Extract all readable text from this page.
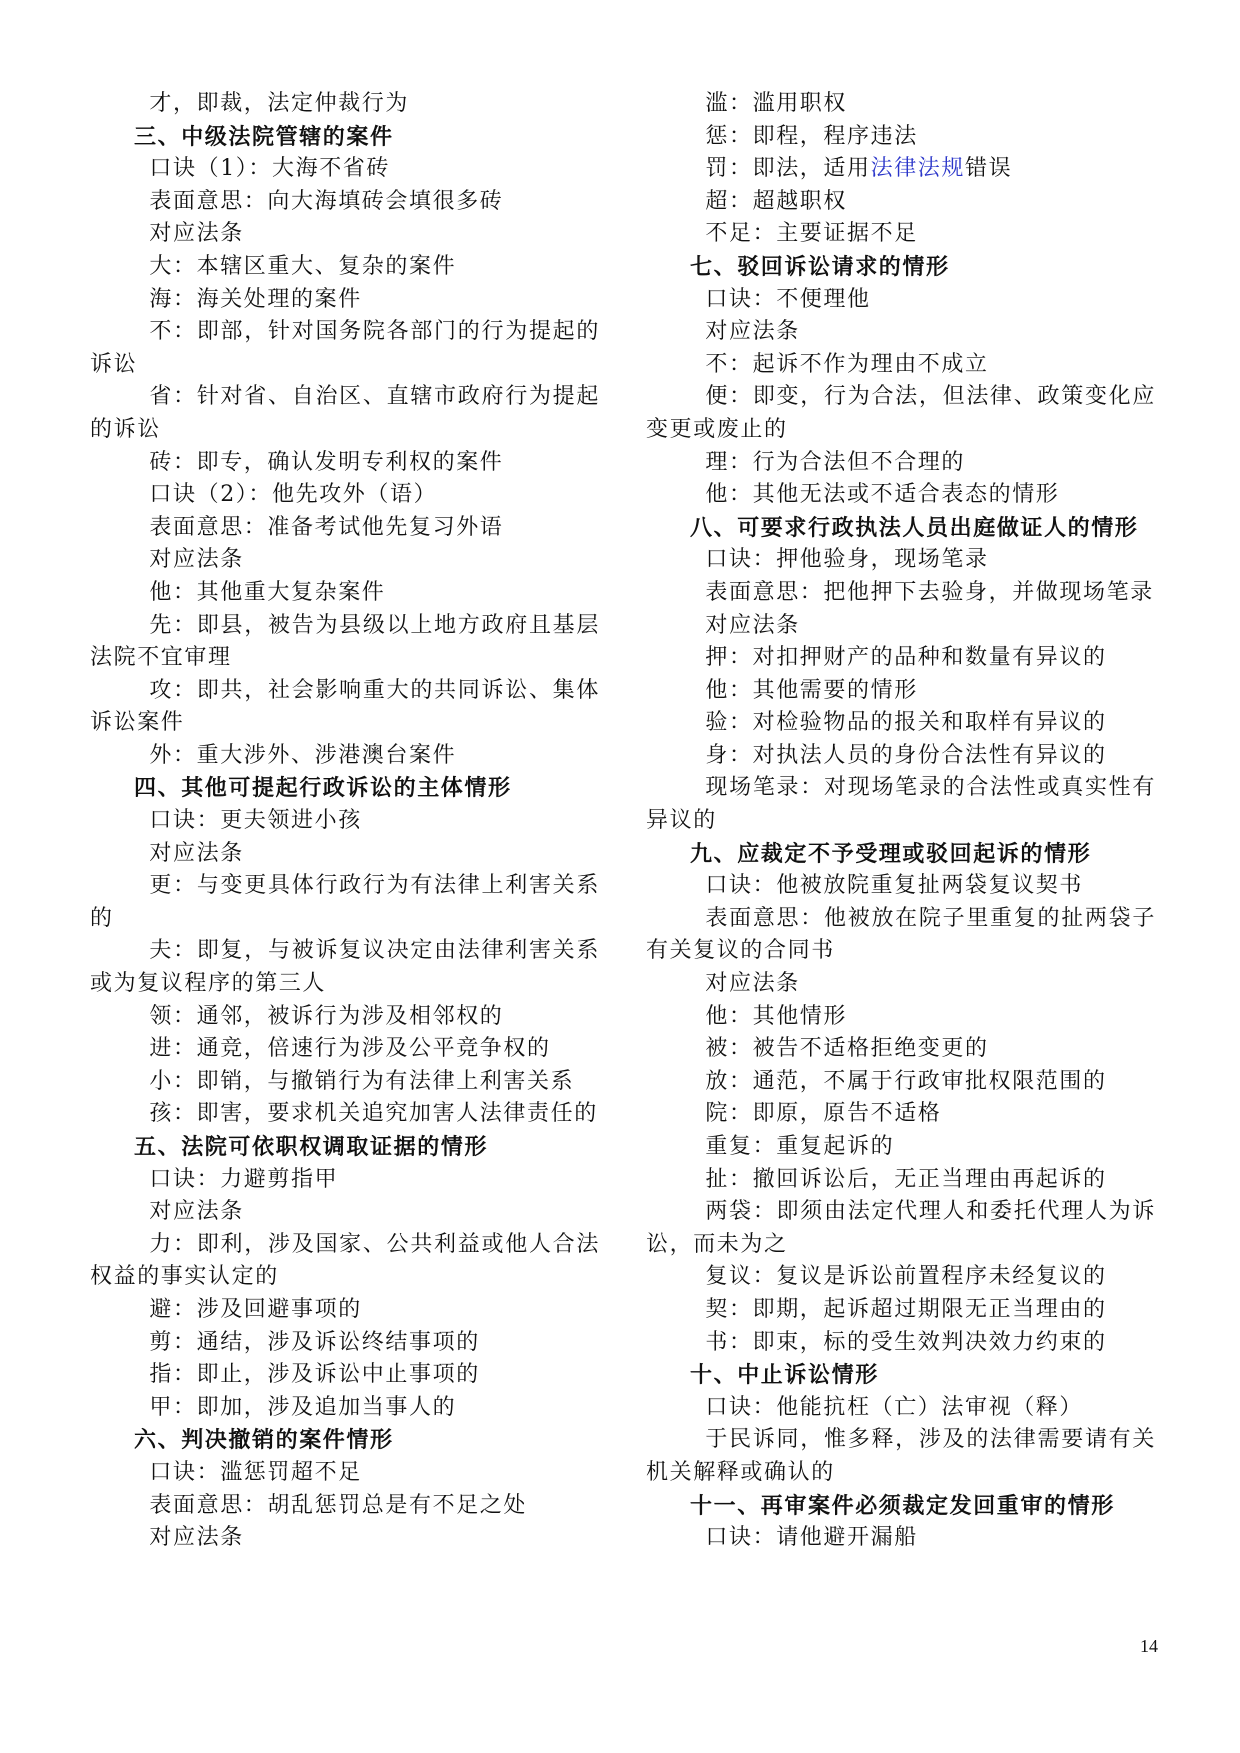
才，即裁，法定仲裁行为

三、中级法院管辖的案件

口诀（1）：大海不省砖

表面意思：向大海填砖会填很多砖

对应法条

大：本辖区重大、复杂的案件

海：海关处理的案件

不：即部，针对国务院各部门的行为提起的诉讼

省：针对省、自治区、直辖市政府行为提起的诉讼

砖：即专，确认发明专利权的案件

口诀（2）：他先攻外（语）

表面意思：准备考试他先复习外语

对应法条

他：其他重大复杂案件

先：即县，被告为县级以上地方政府且基层法院不宜审理

攻：即共，社会影响重大的共同诉讼、集体诉讼案件

外：重大涉外、涉港澳台案件

四、其他可提起行政诉讼的主体情形

口诀：更夫领进小孩

对应法条

更：与变更具体行政行为有法律上利害关系的

夫：即复，与被诉复议决定由法律利害关系或为复议程序的第三人

领：通邻，被诉行为涉及相邻权的

进：通竞，倍速行为涉及公平竞争权的

小：即销，与撤销行为有法律上利害关系

孩：即害，要求机关追究加害人法律责任的

五、法院可依职权调取证据的情形

口诀：力避剪指甲

对应法条

力：即利，涉及国家、公共利益或他人合法权益的事实认定的

避：涉及回避事项的

剪：通结，涉及诉讼终结事项的

指：即止，涉及诉讼中止事项的

甲：即加，涉及追加当事人的

六、判决撤销的案件情形

口诀：滥惩罚超不足

表面意思：胡乱惩罚总是有不足之处

对应法条

滥：滥用职权

惩：即程，程序违法

罚：即法，适用法律法规错误

超：超越职权

不足：主要证据不足

七、驳回诉讼请求的情形

口诀：不便理他

对应法条

不：起诉不作为理由不成立

便：即变，行为合法，但法律、政策变化应变更或废止的

理：行为合法但不合理的

他：其他无法或不适合表态的情形

八、可要求行政执法人员出庭做证人的情形

口诀：押他验身，现场笔录

表面意思：把他押下去验身，并做现场笔录

对应法条

押：对扣押财产的品种和数量有异议的

他：其他需要的情形

验：对检验物品的报关和取样有异议的

身：对执法人员的身份合法性有异议的

现场笔录：对现场笔录的合法性或真实性有异议的

九、应裁定不予受理或驳回起诉的情形

口诀：他被放院重复扯两袋复议契书

表面意思：他被放在院子里重复的扯两袋子有关复议的合同书

对应法条

他：其他情形

被：被告不适格拒绝变更的

放：通范，不属于行政审批权限范围的

院：即原，原告不适格

重复：重复起诉的

扯：撤回诉讼后，无正当理由再起诉的

两袋：即须由法定代理人和委托代理人为诉讼，而未为之

复议：复议是诉讼前置程序未经复议的

契：即期，起诉超过期限无正当理由的

书：即束，标的受生效判决效力约束的

十、中止诉讼情形

口诀：他能抗枉（亡）法审视（释）

于民诉同，惟多释，涉及的法律需要请有关机关解释或确认的

十一、再审案件必须裁定发回重审的情形

口诀：请他避开漏船

14
